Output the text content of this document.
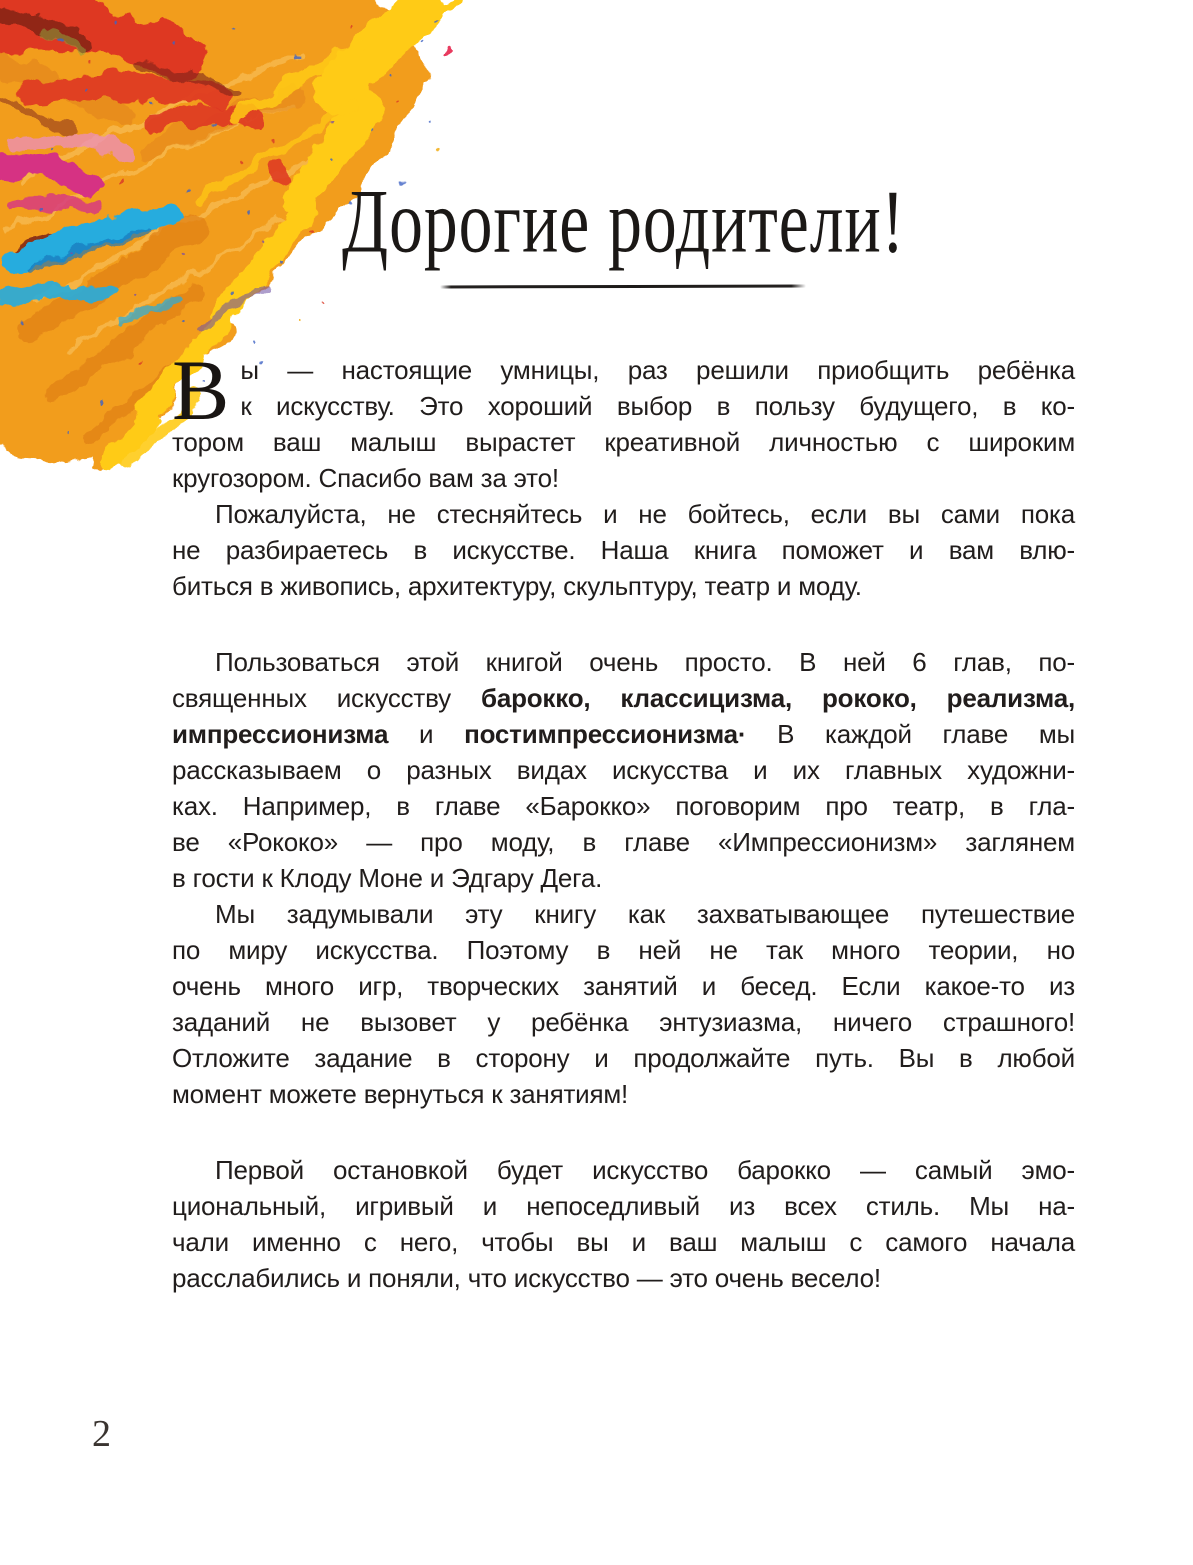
Дорогие родители!

В ы — настоящие умницы, раз решили приобщить ребёнка
к искусству. Это хороший выбор в пользу будущего, в ко-
тором ваш малыш вырастет креативной личностью с широким
кругозором. Спасибо вам за это!

Пожалуйста, не стесняйтесь и не бойтесь, если вы сами пока
не разбираетесь в искусстве. Наша книга поможет и вам влю-
биться в живопись, архитектуру, скульптуру, театр и моду.

Пользоваться этой книгой очень просто. В ней 6 глав, по-
священных искусству барокко, классицизма, рококо, реализма,
импрессионизма и постимпрессионизма· В каждой главе мы
рассказываем о разных видах искусства и их главных художни-
ках. Например, в главе «Барокко» поговорим про театр, в гла-
ве «Рококо» — про моду, в главе «Импрессионизм» заглянем
в гости к Клоду Моне и Эдгару Дега.

Мы задумывали эту книгу как захватывающее путешествие
по миру искусства. Поэтому в ней не так много теории, но
очень много игр, творческих занятий и бесед. Если какое-то из
заданий не вызовет у ребёнка энтузиазма, ничего страшного!
Отложите задание в сторону и продолжайте путь. Вы в любой
момент можете вернуться к занятиям!

Первой остановкой будет искусство барокко — самый эмо-
циональный, игривый и непоседливый из всех стиль. Мы на-
чали именно с него, чтобы вы и ваш малыш с самого начала
расслабились и поняли, что искусство — это очень весело!

2
